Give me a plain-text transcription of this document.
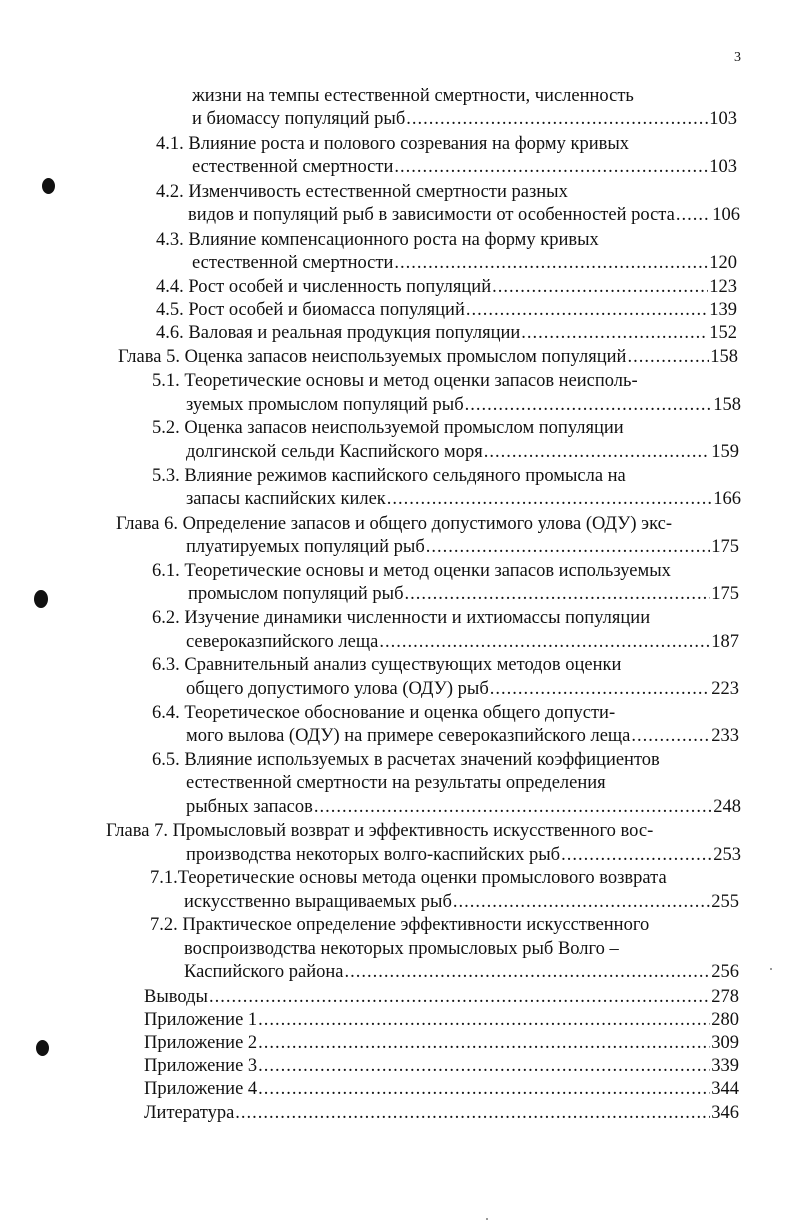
3
жизни на темпы естественной смертности, численность
и биомассу популяций рыб .....	103
4.1. Влияние роста и полового созревания на форму кривых
естественной смертности .....	103
4.2. Изменчивость естественной смертности разных
видов и популяций рыб в зависимости от особенностей роста ..... 106
4.3. Влияние компенсационного роста на форму кривых
естественной смертности .....	120
4.4. Рост особей и численность популяций .....	123
4.5. Рост особей и биомасса популяций .....	139
4.6. Валовая и реальная продукция популяции .....	152
Глава 5. Оценка запасов неиспользуемых промыслом популяций .....	158
5.1. Теоретические основы и метод оценки запасов неисполь-
зуемых промыслом популяций рыб .....	158
5.2. Оценка запасов неиспользуемой промыслом популяции
долгинской сельди Каспийского моря .....	159
5.3. Влияние режимов каспийского сельдяного промысла на
запасы каспийских килек .....	166
Глава 6. Определение запасов и общего допустимого улова (ОДУ) экс-
плуатируемых популяций рыб .....	175
6.1. Теоретические основы и метод оценки запасов используемых
промыслом популяций рыб .....	175
6.2. Изучение динамики численности и ихтиомассы популяции
североказпийского леща .....	187
6.3. Сравнительный анализ существующих методов оценки
общего допустимого улова (ОДУ) рыб .....	223
6.4. Теоретическое обоснование и оценка общего допусти-
мого вылова (ОДУ) на примере североказпийского леща .....	233
6.5. Влияние используемых в расчетах значений коэффициентов
естественной смертности на результаты определения
рыбных запасов .....	248
Глава 7. Промысловый возврат и эффективность искусственного вос-
производства некоторых волго-каспийских рыб .....	253
7.1.Теоретические основы метода оценки промыслового возврата
искусственно выращиваемых рыб .....	255
7.2. Практическое определение эффективности искусственного
воспроизводства некоторых промысловых рыб Волго –
Каспийского района .....	256
Выводы .....	278
Приложение 1 .....	280
Приложение 2 .....	309
Приложение 3 .....	339
Приложение 4 .....	344
Литература .....	346
